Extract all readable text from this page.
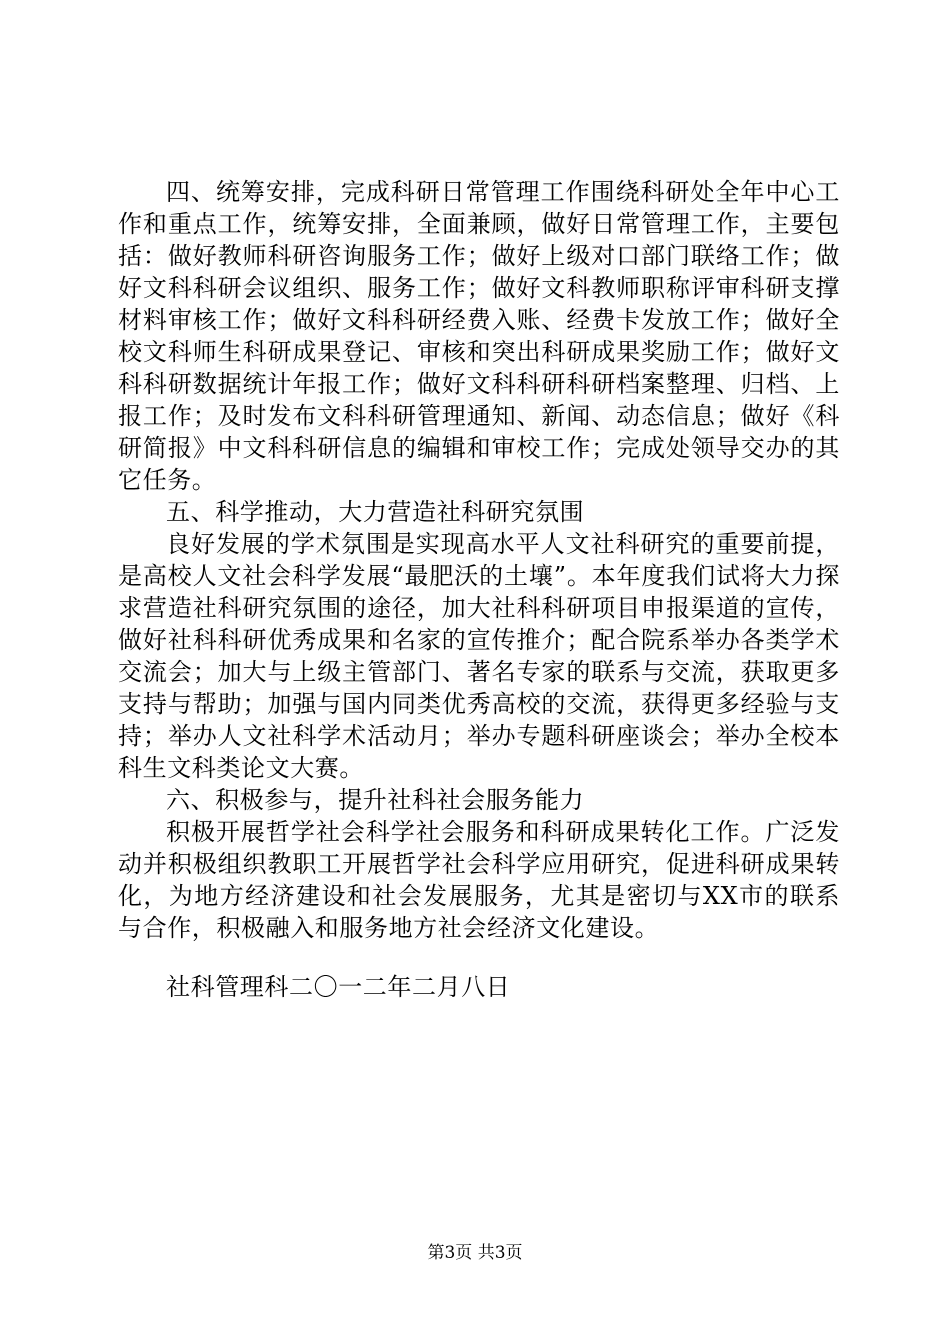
四、统筹安排，完成科研日常管理工作围绕科研处全年中心工作和重点工作，统筹安排，全面兼顾，做好日常管理工作，主要包括：做好教师科研咨询服务工作；做好上级对口部门联络工作；做好文科科研会议组织、服务工作；做好文科教师职称评审科研支撑材料审核工作；做好文科科研经费入账、经费卡发放工作；做好全校文科师生科研成果登记、审核和突出科研成果奖励工作；做好文科科研数据统计年报工作；做好文科科研科研档案整理、归档、上报工作；及时发布文科科研管理通知、新闻、动态信息；做好《科研简报》中文科科研信息的编辑和审校工作；完成处领导交办的其它任务。

五、科学推动，大力营造社科研究氛围

良好发展的学术氛围是实现高水平人文社科研究的重要前提，是高校人文社会科学发展“最肥沃的土壤”。本年度我们试将大力探求营造社科研究氛围的途径，加大社科科研项目申报渠道的宣传，做好社科科研优秀成果和名家的宣传推介；配合院系举办各类学术交流会；加大与上级主管部门、著名专家的联系与交流，获取更多支持与帮助；加强与国内同类优秀高校的交流，获得更多经验与支持；举办人文社科学术活动月；举办专题科研座谈会；举办全校本科生文科类论文大赛。

六、积极参与，提升社科社会服务能力

积极开展哲学社会科学社会服务和科研成果转化工作。广泛发动并积极组织教职工开展哲学社会科学应用研究，促进科研成果转化，为地方经济建设和社会发展服务，尤其是密切与XX市的联系与合作，积极融入和服务地方社会经济文化建设。

社科管理科二〇一二年二月八日

第3页 共3页
